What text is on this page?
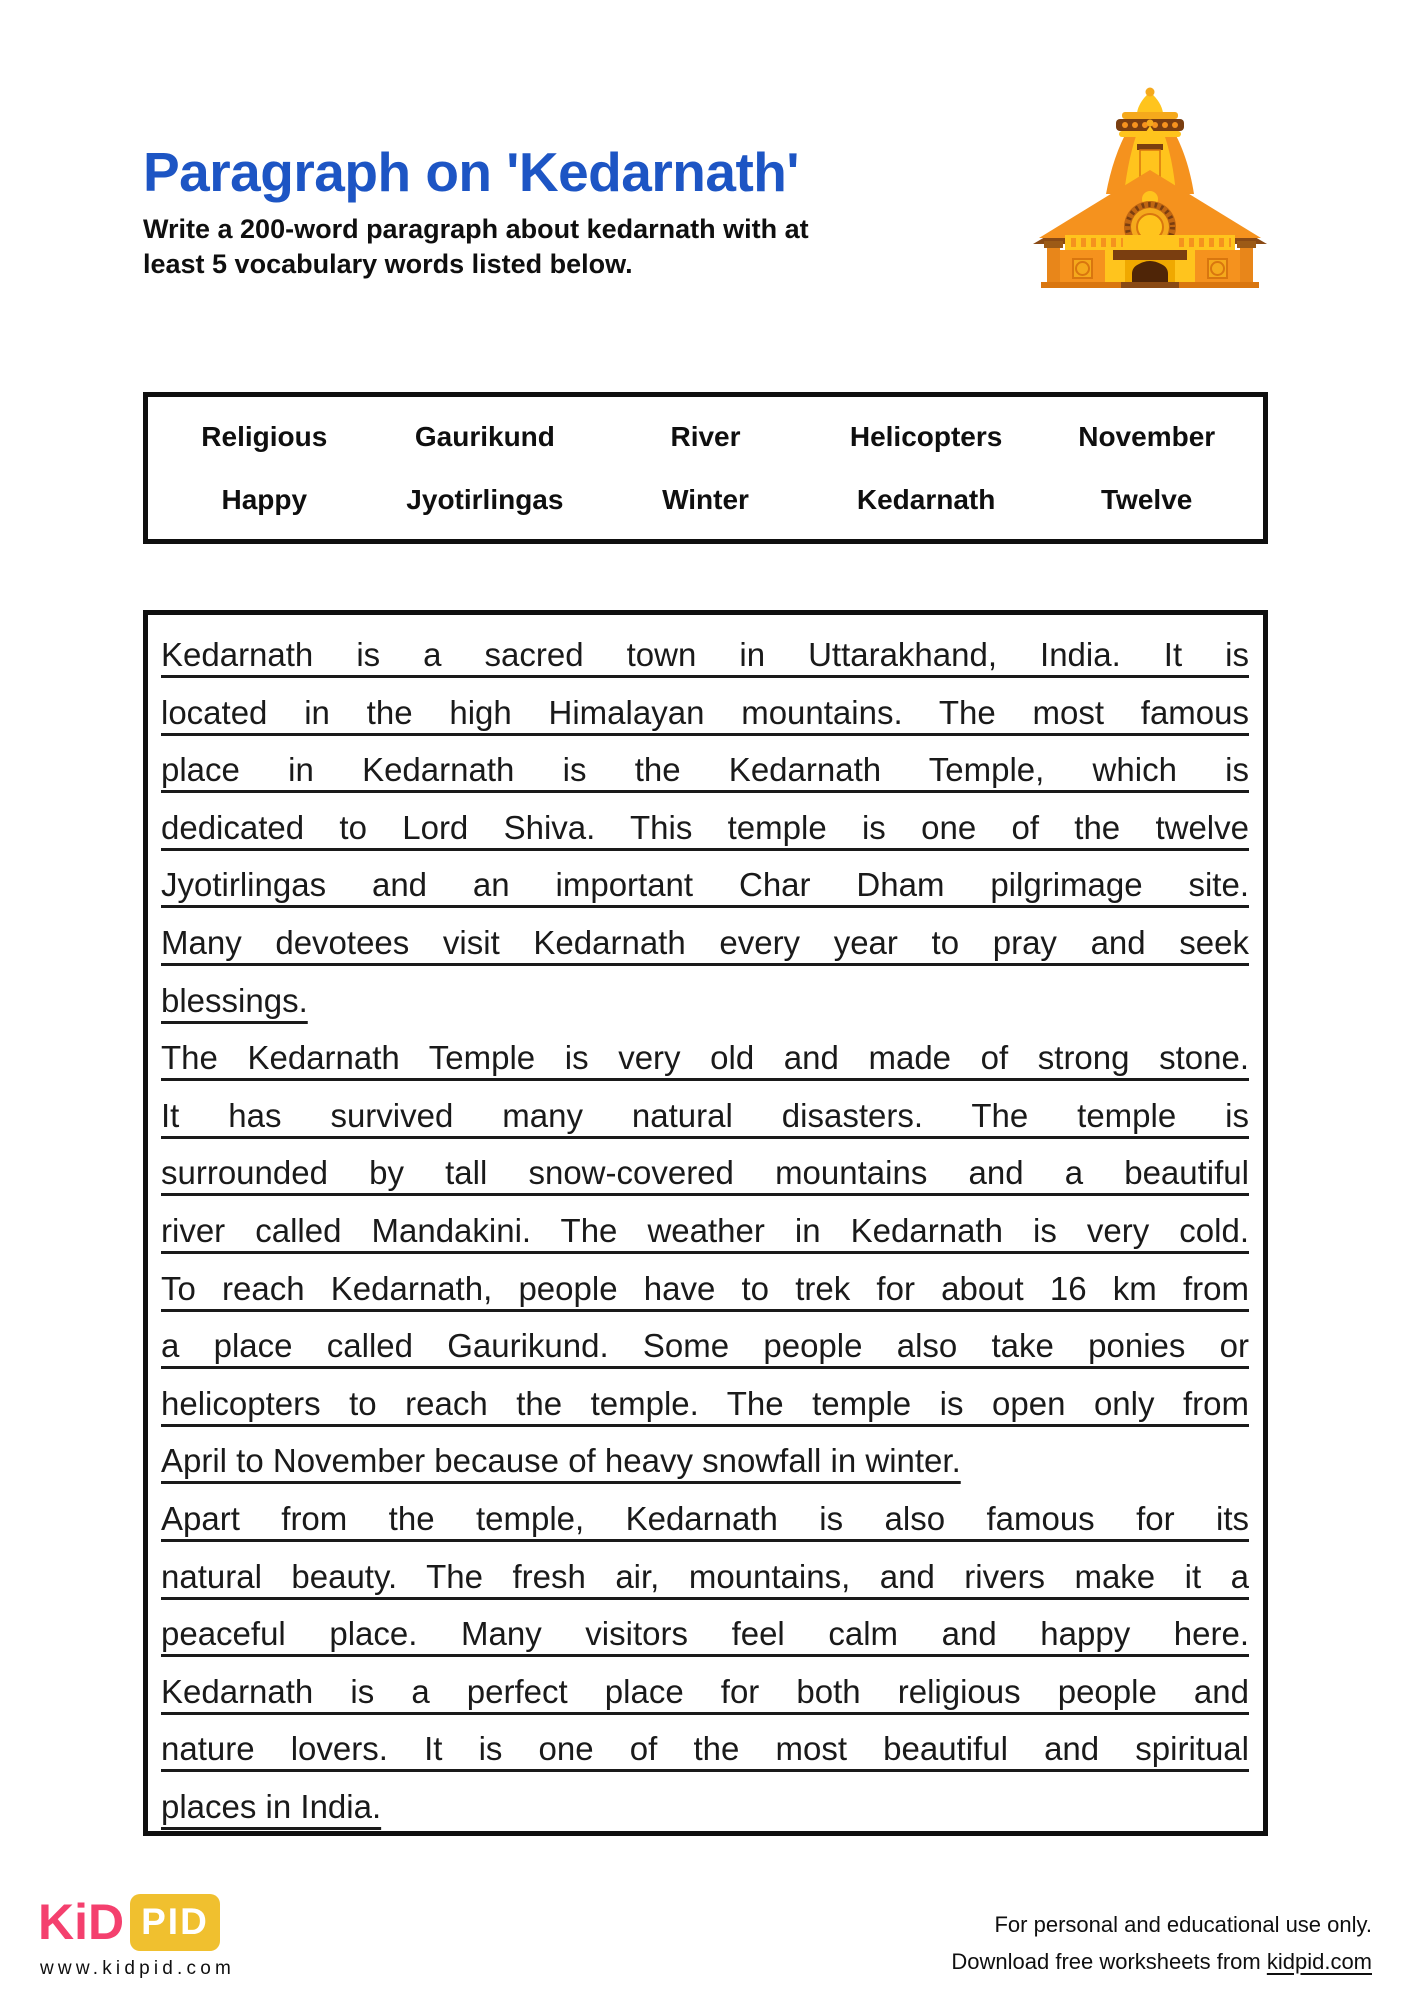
Paragraph on 'Kedarnath'
Write a 200-word paragraph about kedarnath with at
least 5 vocabulary words listed below.
Religious	Gaurikund	River	Helicopters	November
Happy	Jyotirlingas	Winter	Kedarnath	Twelve
Kedarnath is a sacred town in Uttarakhand, India. It is
located in the high Himalayan mountains. The most famous
place in Kedarnath is the Kedarnath Temple, which is
dedicated to Lord Shiva. This temple is one of the twelve
Jyotirlingas and an important Char Dham pilgrimage site.
Many devotees visit Kedarnath every year to pray and seek
blessings.
The Kedarnath Temple is very old and made of strong stone.
It has survived many natural disasters. The temple is
surrounded by tall snow-covered mountains and a beautiful
river called Mandakini. The weather in Kedarnath is very cold.
To reach Kedarnath, people have to trek for about 16 km from
a place called Gaurikund. Some people also take ponies or
helicopters to reach the temple. The temple is open only from
April to November because of heavy snowfall in winter.
Apart from the temple, Kedarnath is also famous for its
natural beauty. The fresh air, mountains, and rivers make it a
peaceful place. Many visitors feel calm and happy here.
Kedarnath is a perfect place for both religious people and
nature lovers. It is one of the most beautiful and spiritual
places in India.
KiD PID
www.kidpid.com
For personal and educational use only.
Download free worksheets from kidpid.com
